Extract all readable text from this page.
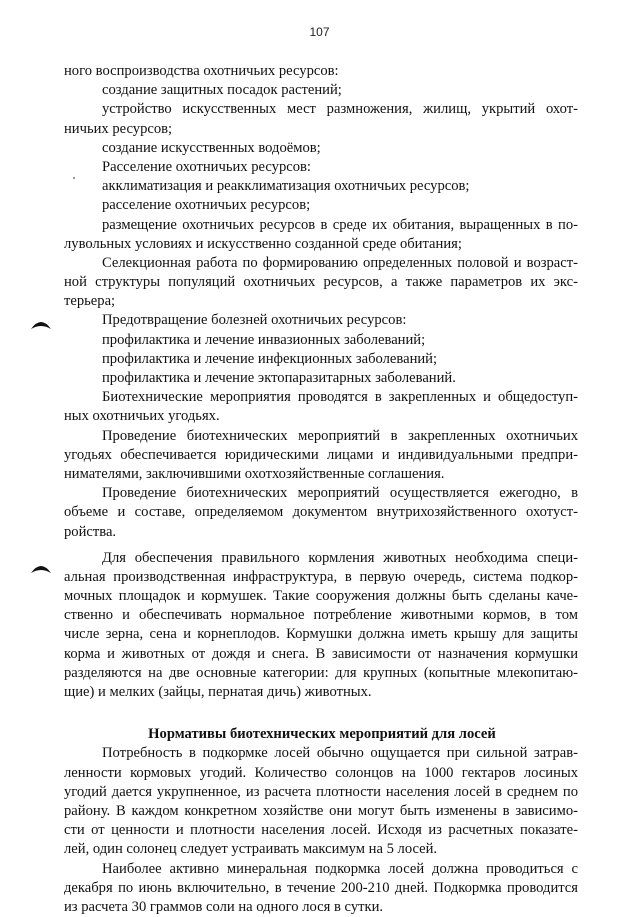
107
ного воспроизводства охотничьих ресурсов:
создание защитных посадок растений;
устройство искусственных мест размножения, жилищ, укрытий охот-
ничьих ресурсов;
создание искусственных водоёмов;
Расселение охотничьих ресурсов:
акклиматизация и реакклиматизация охотничьих ресурсов;
расселение охотничьих ресурсов;
размещение охотничьих ресурсов в среде их обитания, выращенных в по-
лувольных условиях и искусственно созданной среде обитания;
Селекционная работа по формированию определенных половой и возраст-
ной структуры популяций охотничьих ресурсов, а также параметров их экс-
терьера;
Предотвращение болезней охотничьих ресурсов:
профилактика и лечение инвазионных заболеваний;
профилактика и лечение инфекционных заболеваний;
профилактика и лечение эктопаразитарных заболеваний.
Биотехнические мероприятия проводятся в закрепленных и общедоступ-
ных охотничьих угодьях.
Проведение биотехнических мероприятий в закрепленных охотничьих
угодьях обеспечивается юридическими лицами и индивидуальными предпри-
нимателями, заключившими охотхозяйственные соглашения.
Проведение биотехнических мероприятий осуществляется ежегодно, в
объеме и составе, определяемом документом внутрихозяйственного охотуст-
ройства.
Для обеспечения правильного кормления животных необходима специ-
альная производственная инфраструктура, в первую очередь, система подкор-
мочных площадок и кормушек. Такие сооружения должны быть сделаны каче-
ственно и обеспечивать нормальное потребление животными кормов, в том
числе зерна, сена и корнеплодов. Кормушки должна иметь крышу для защиты
корма и животных от дождя и снега. В зависимости от назначения кормушки
разделяются на две основные категории: для крупных (копытные млекопитаю-
щие) и мелких (зайцы, пернатая дичь) животных.
Нормативы биотехнических мероприятий для лосей
Потребность в подкормке лосей обычно ощущается при сильной затрав-
ленности кормовых угодий. Количество солонцов на 1000 гектаров лосиных
угодий дается укрупненное, из расчета плотности населения лосей в среднем по
району. В каждом конкретном хозяйстве они могут быть изменены в зависимо-
сти от ценности и плотности населения лосей. Исходя из расчетных показате-
лей, один солонец следует устраивать максимум на 5 лосей.
Наиболее активно минеральная подкормка лосей должна проводиться с
декабря по июнь включительно, в течение 200-210 дней. Подкормка проводится
из расчета 30 граммов соли на одного лося в сутки.
